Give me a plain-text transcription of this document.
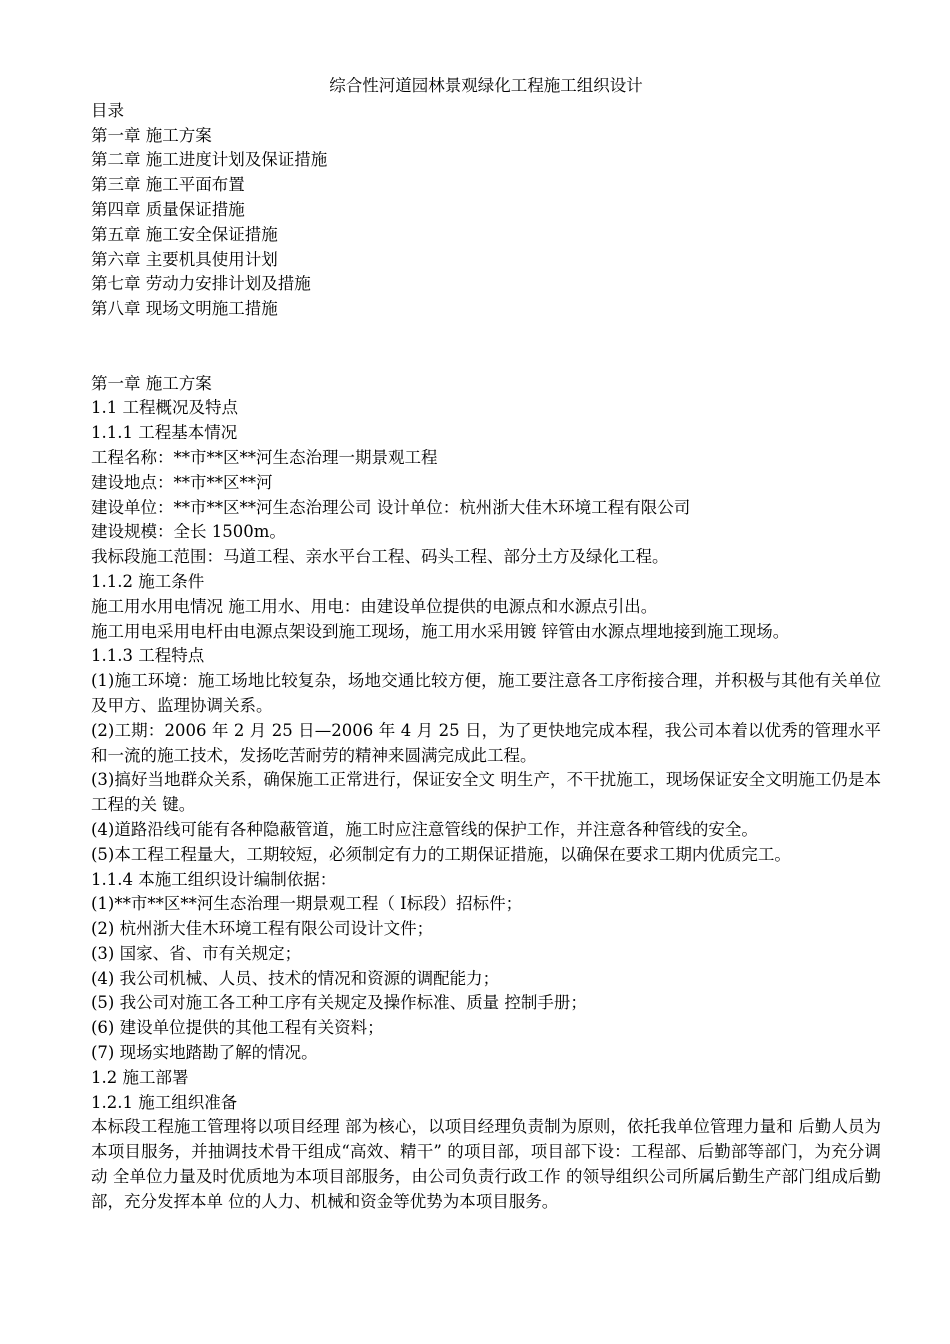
综合性河道园林景观绿化工程施工组织设计

目录

第一章 施工方案

第二章 施工进度计划及保证措施

第三章 施工平面布置

第四章 质量保证措施

第五章 施工安全保证措施

第六章 主要机具使用计划

第七章 劳动力安排计划及措施

第八章 现场文明施工措施

第一章 施工方案

1.1 工程概况及特点

1.1.1 工程基本情况

工程名称：**市**区**河生态治理一期景观工程

建设地点：**市**区**河

建设单位：**市**区**河生态治理公司 设计单位：杭州浙大佳木环境工程有限公司

建设规模：全长 1500m。

我标段施工范围：马道工程、亲水平台工程、码头工程、部分土方及绿化工程。

1.1.2 施工条件

施工用水用电情况 施工用水、用电：由建设单位提供的电源点和水源点引出。

施工用电采用电杆由电源点架设到施工现场，施工用水采用镀 锌管由水源点埋地接到施工现场。

1.1.3 工程特点

(1)施工环境：施工场地比较复杂，场地交通比较方便，施工要注意各工序衔接合理，并积极与其他有关单位及甲方、监理协调关系。

(2)工期：2006 年 2 月 25 日—2006 年 4 月 25 日，为了更快地完成本程，我公司本着以优秀的管理水平和一流的施工技术，发扬吃苦耐劳的精神来圆满完成此工程。

(3)搞好当地群众关系，确保施工正常进行，保证安全文 明生产，不干扰施工，现场保证安全文明施工仍是本工程的关 键。

(4)道路沿线可能有各种隐蔽管道，施工时应注意管线的保护工作，并注意各种管线的安全。

(5)本工程工程量大，工期较短，必须制定有力的工期保证措施，以确保在要求工期内优质完工。

1.1.4 本施工组织设计编制依据：

(1)**市**区**河生态治理一期景观工程（ Ⅰ标段）招标件；

(2) 杭州浙大佳木环境工程有限公司设计文件；

(3) 国家、省、市有关规定；

(4) 我公司机械、人员、技术的情况和资源的调配能力；

(5) 我公司对施工各工种工序有关规定及操作标准、质量 控制手册；

(6) 建设单位提供的其他工程有关资料；

(7) 现场实地踏勘了解的情况。

1.2 施工部署

1.2.1 施工组织准备

本标段工程施工管理将以项目经理 部为核心，以项目经理负责制为原则，依托我单位管理力量和 后勤人员为本项目服务，并抽调技术骨干组成“高效、精干” 的项目部，项目部下设：工程部、后勤部等部门，为充分调动 全单位力量及时优质地为本项目部服务，由公司负责行政工作 的领导组织公司所属后勤生产部门组成后勤部，充分发挥本单 位的人力、机械和资金等优势为本项目服务。
